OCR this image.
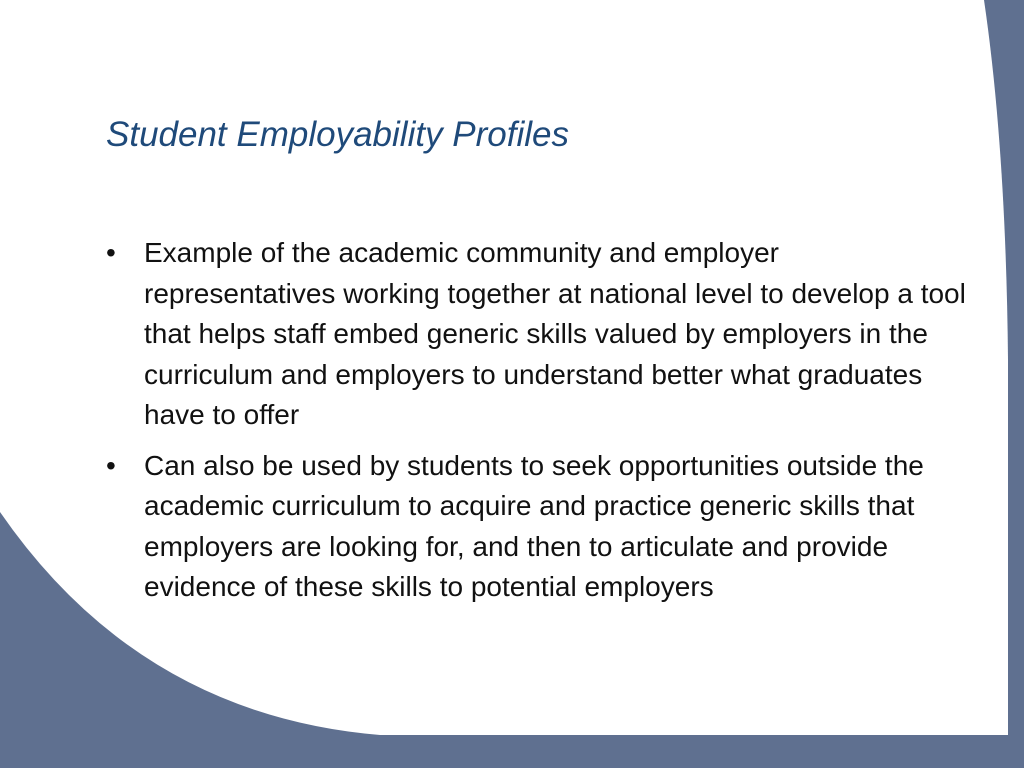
Student Employability Profiles
• Example of the academic community and employer representatives working together at national level to develop a tool that helps staff embed generic skills valued by employers in the curriculum and employers to understand better what graduates have to offer
• Can also be used by students to seek opportunities outside the academic curriculum to acquire and practice generic skills that employers are looking for, and then to articulate and provide evidence of these skills to potential employers
